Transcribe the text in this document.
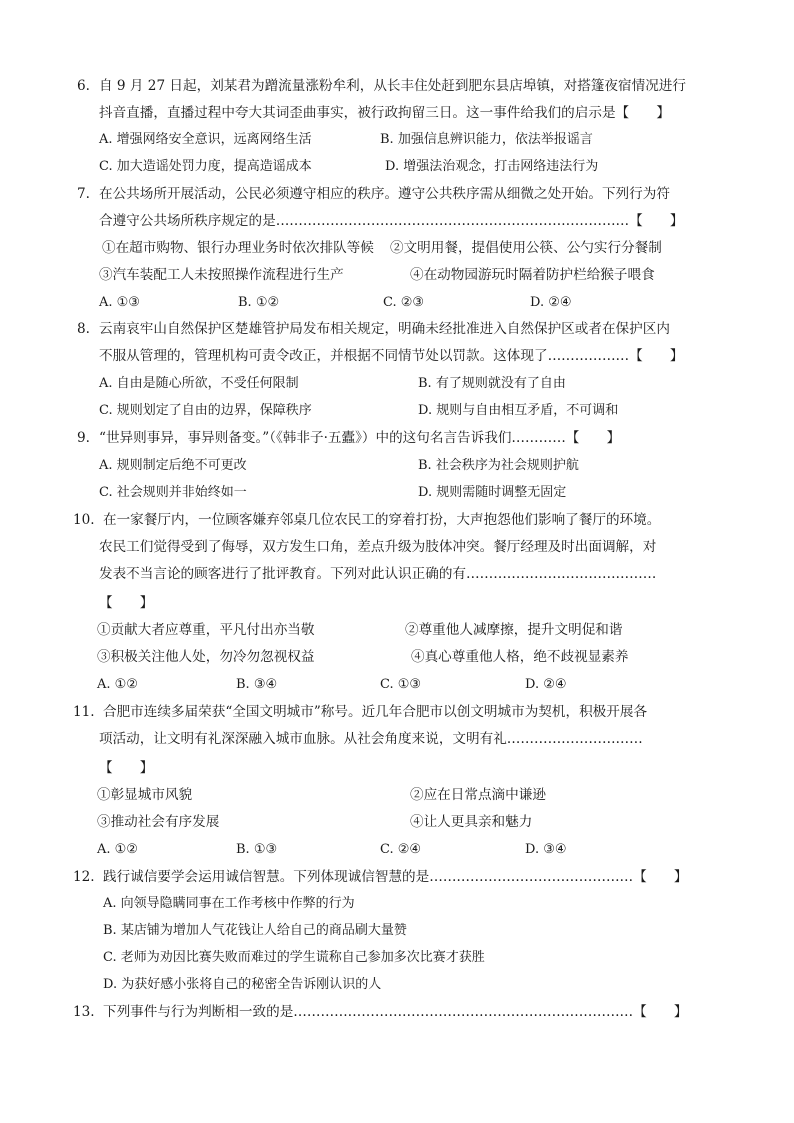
6. 自 9 月 27 日起，刘某君为蹭流量涨粉牟利，从长丰住处赶到肥东县店埠镇，对搭篷夜宿情况进行
抖音直播，直播过程中夸大其词歪曲事实，被行政拘留三日。这一事件给我们的启示是【　　】
A. 增强网络安全意识，远离网络生活	B. 加强信息辨识能力，依法举报谣言
C. 加大造谣处罚力度，提高造谣成本	D. 增强法治观念，打击网络违法行为
7. 在公共场所开展活动，公民必须遵守相应的秩序。遵守公共秩序需从细微之处开始。下列行为符
合遵守公共场所秩序规定的是……………………………………………………………………【　　】
①在超市购物、银行办理业务时依次排队等候 ②文明用餐，提倡使用公筷、公勺实行分餐制
③汽车装配工人未按照操作流程进行生产	④在动物园游玩时隔着防护栏给猴子喂食
A. ①③	B. ①②	C. ②③	D. ②④
8. 云南哀牢山自然保护区楚雄管护局发布相关规定，明确未经批准进入自然保护区或者在保护区内
不服从管理的，管理机构可责令改正，并根据不同情节处以罚款。这体现了………………【　　】
A. 自由是随心所欲，不受任何限制	B. 有了规则就没有了自由
C. 规则划定了自由的边界，保障秩序	D. 规则与自由相互矛盾，不可调和
9. “世异则事异，事异则备变。”（《韩非子·五蠹》）中的这句名言告诉我们…………【　　】
A. 规则制定后绝不可更改	B. 社会秩序为社会规则护航
C. 社会规则并非始终如一	D. 规则需随时调整无固定
10. 在一家餐厅内，一位顾客嫌弃邻桌几位农民工的穿着打扮，大声抱怨他们影响了餐厅的环境。
农民工们觉得受到了侮辱，双方发生口角，差点升级为肢体冲突。餐厅经理及时出面调解，对
发表不当言论的顾客进行了批评教育。下列对此认识正确的有……………………………………
【　　】
①贡献大者应尊重，平凡付出亦当敬	②尊重他人减摩擦，提升文明促和谐
③积极关注他人处，勿冷勿忽视权益	④真心尊重他人格，绝不歧视显素养
A. ①②	B. ③④	C. ①③	D. ②④
11. 合肥市连续多届荣获“全国文明城市”称号。近几年合肥市以创文明城市为契机，积极开展各
项活动，让文明有礼深深融入城市血脉。从社会角度来说，文明有礼…………………………
【　　】
①彰显城市风貌	②应在日常点滴中谦逊
③推动社会有序发展	④让人更具亲和魅力
A. ①②	B. ①③	C. ②④	D. ③④
12. 践行诚信要学会运用诚信智慧。下列体现诚信智慧的是………………………………………【　　】
A. 向领导隐瞒同事在工作考核中作弊的行为
B. 某店铺为增加人气花钱让人给自己的商品刷大量赞
C. 老师为劝因比赛失败而难过的学生谎称自己参加多次比赛才获胜
D. 为获好感小张将自己的秘密全告诉刚认识的人
13. 下列事件与行为判断相一致的是…………………………………………………………………【　　】
